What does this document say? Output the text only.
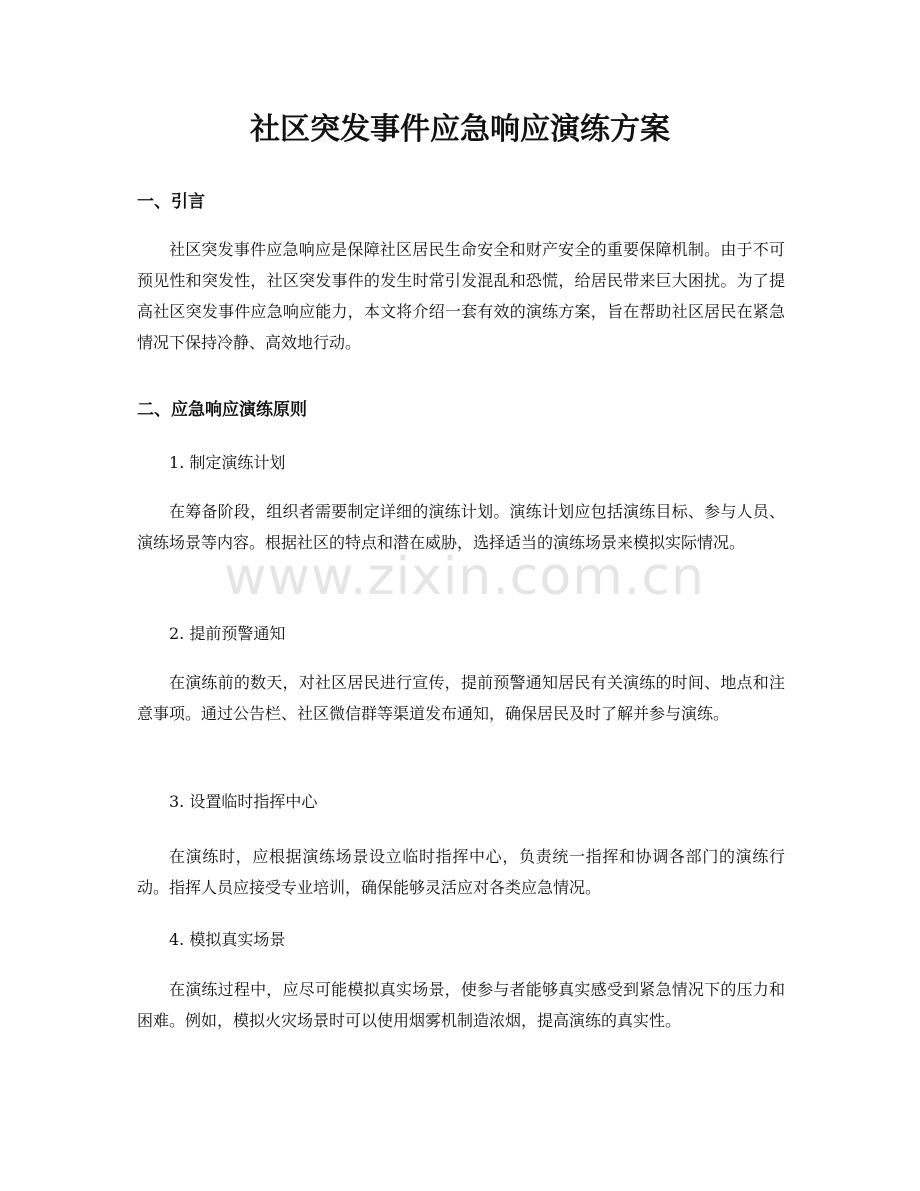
社区突发事件应急响应演练方案
一、引言

社区突发事件应急响应是保障社区居民生命安全和财产安全的重要保障机制。由于不可预见性和突发性，社区突发事件的发生时常引发混乱和恐慌，给居民带来巨大困扰。为了提高社区突发事件应急响应能力，本文将介绍一套有效的演练方案，旨在帮助社区居民在紧急情况下保持冷静、高效地行动。

二、应急响应演练原则

1. 制定演练计划

在筹备阶段，组织者需要制定详细的演练计划。演练计划应包括演练目标、参与人员、演练场景等内容。根据社区的特点和潜在威胁，选择适当的演练场景来模拟实际情况。

2. 提前预警通知

在演练前的数天，对社区居民进行宣传，提前预警通知居民有关演练的时间、地点和注意事项。通过公告栏、社区微信群等渠道发布通知，确保居民及时了解并参与演练。

3. 设置临时指挥中心

在演练时，应根据演练场景设立临时指挥中心，负责统一指挥和协调各部门的演练行动。指挥人员应接受专业培训，确保能够灵活应对各类应急情况。

4. 模拟真实场景

在演练过程中，应尽可能模拟真实场景，使参与者能够真实感受到紧急情况下的压力和困难。例如，模拟火灾场景时可以使用烟雾机制造浓烟，提高演练的真实性。

www.zixin.com.cn
